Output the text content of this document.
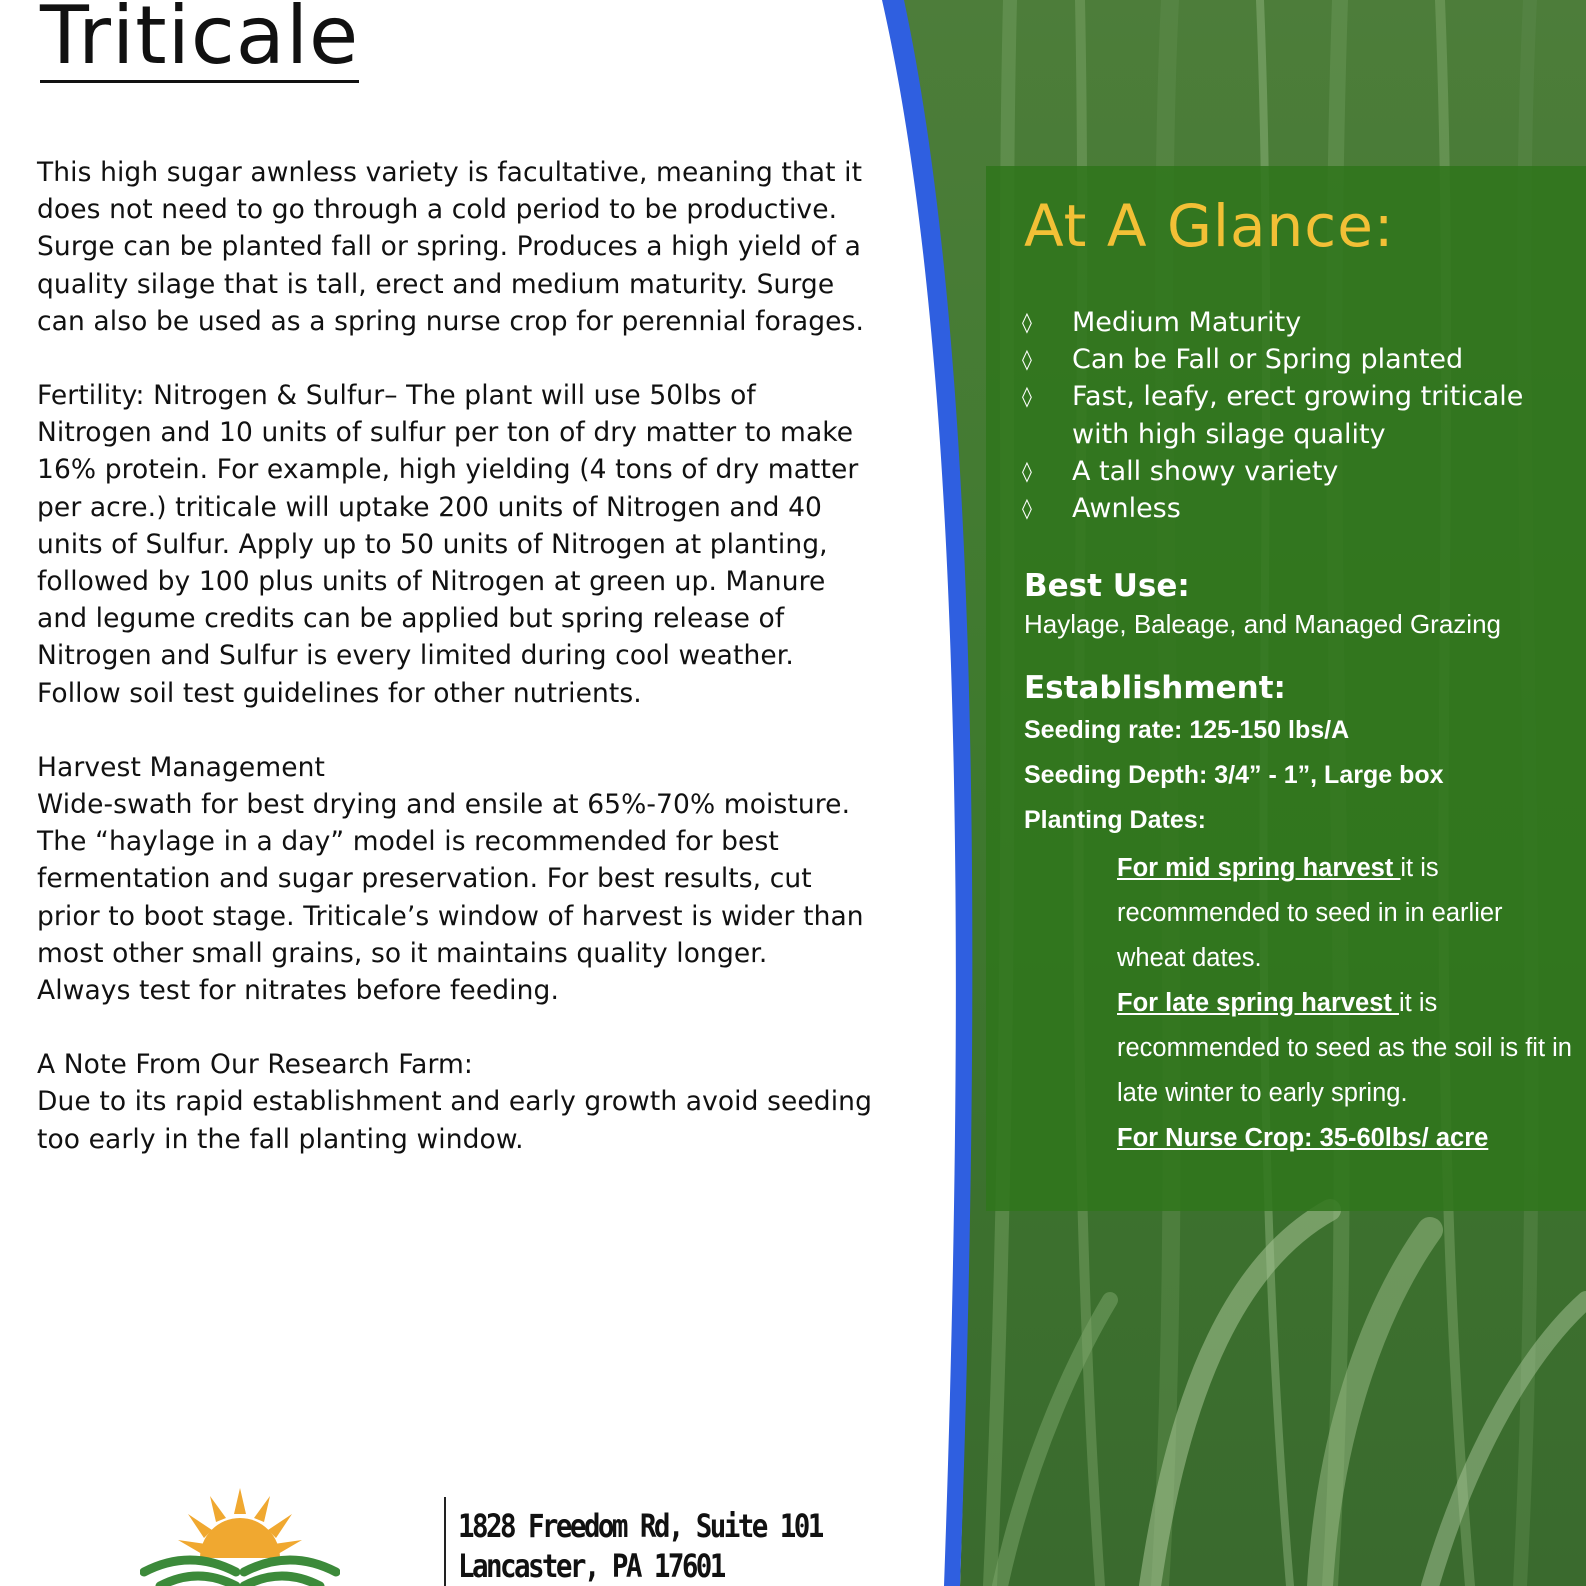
Triticale

This high sugar awnless variety is facultative, meaning that it
does not need to go through a cold period to be productive.
Surge can be planted fall or spring. Produces a high yield of a
quality silage that is tall, erect and medium maturity. Surge
can also be used as a spring nurse crop for perennial forages.

Fertility: Nitrogen & Sulfur– The plant will use 50lbs of
Nitrogen and 10 units of sulfur per ton of dry matter to make
16% protein. For example, high yielding (4 tons of dry matter
per acre.) triticale will uptake 200 units of Nitrogen and 40
units of Sulfur. Apply up to 50 units of Nitrogen at planting,
followed by 100 plus units of Nitrogen at green up. Manure
and legume credits can be applied but spring release of
Nitrogen and Sulfur is every limited during cool weather.
Follow soil test guidelines for other nutrients.

Harvest Management
Wide-swath for best drying and ensile at 65%-70% moisture.
The “haylage in a day” model is recommended for best
fermentation and sugar preservation. For best results, cut
prior to boot stage. Triticale’s window of harvest is wider than
most other small grains, so it maintains quality longer.
Always test for nitrates before feeding.

A Note From Our Research Farm:
Due to its rapid establishment and early growth avoid seeding
too early in the fall planting window.

1828 Freedom Rd, Suite 101
Lancaster, PA 17601
At A Glance:
◊ Medium Maturity
◊ Can be Fall or Spring planted
◊ Fast, leafy, erect growing triticale with high silage quality
◊ A tall showy variety
◊ Awnless
Best Use:
Haylage, Baleage, and Managed Grazing
Establishment:
Seeding rate: 125-150 lbs/A
Seeding Depth: 3/4” - 1”, Large box
Planting Dates:
For mid spring harvest it is recommended to seed in in earlier wheat dates.
For late spring harvest it is recommended to seed as the soil is fit in late winter to early spring.
For Nurse Crop: 35-60lbs/ acre
